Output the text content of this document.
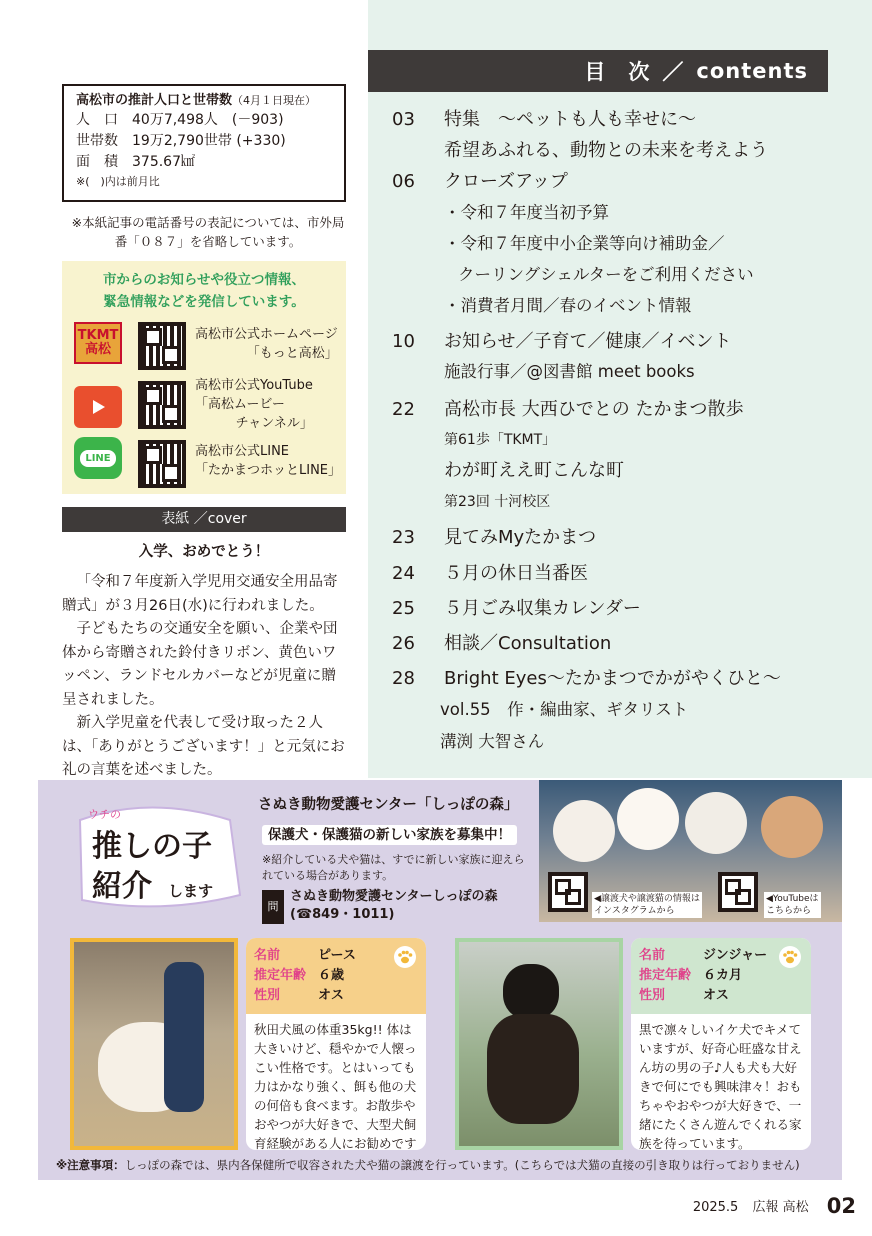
目　次 ／ contents
03 特集　～ペットも人も幸せに～
希望あふれる、動物との未来を考えよう
06 クローズアップ
・令和７年度当初予算
・令和７年度中小企業等向け補助金／
クーリングシェルターをご利用ください
・消費者月間／春のイベント情報
10 お知らせ／子育て／健康／イベント
施設行事／@図書館 meet books
22 高松市長 大西ひでとの たかまつ散歩
第61歩「TKMT」
わが町ええ町こんな町
第23回 十河校区
23 見てみMyたかまつ
24 ５月の休日当番医
25 ５月ごみ収集カレンダー
26 相談／Consultation
28 Bright Eyes～たかまつでかがやくひと～
vol.55　作・編曲家、ギタリスト
溝渕 大智さん
高松市の推計人口と世帯数（4月１日現在）
人　口 40万7,498人　(－903)
世帯数 19万2,790世帯 (+330)
面　積 375.67㎢
※(　)内は前月比
※本紙記事の電話番号の表記については、市外局番「０８７」を省略しています。
市からのお知らせや役立つ情報、
緊急情報などを発信しています。
TKMT
高松
高松市公式ホームページ
「もっと高松」
高松市公式YouTube
「高松ムービー
チャンネル」
LINE	高松市公式LINE
「たかまつホッとLINE」
表紙 ／cover
入学、おめでとう！

「令和７年度新入学児用交通安全用品寄贈式」が３月26日(水)に行われました。

子どもたちの交通安全を願い、企業や団体から寄贈された鈴付きリボン、黄色いワッペン、ランドセルカバーなどが児童に贈呈されました。

新入学児童を代表して受け取った２人は、「ありがとうございます！」と元気にお礼の言葉を述べました。

ウチの
推しの子
紹介 します
さぬき動物愛護センター「しっぽの森」
保護犬・保護猫の新しい家族を募集中！
※紹介している犬や猫は、すでに新しい家族に迎えられている場合があります。
問
さぬき動物愛護センターしっぽの森
(☎849・1011)
◀譲渡犬や譲渡猫の情報は
インスタグラムから
◀YouTubeは
こちらから
名前	ピース
推定年齢 ６歳
性別	オス
秋田犬風の体重35kg!! 体は大きいけど、穏やかで人懐っこい性格です。とはいっても力はかなり強く、餌も他の犬の何倍も食べます。お散歩やおやつが大好きで、大型犬飼育経験がある人にお勧めです
名前	ジンジャー
推定年齢 ６カ月
性別	オス
黒で凛々しいイケ犬でキメていますが、好奇心旺盛な甘えん坊の男の子♪人も犬も大好きで何にでも興味津々！おもちゃやおやつが大好きで、一緒にたくさん遊んでくれる家族を待っています。
※注意事項：しっぽの森では、県内各保健所で収容された犬や猫の譲渡を行っています。(こちらでは犬猫の直接の引き取りは行っておりません)
2025.5 広報 高松 02
